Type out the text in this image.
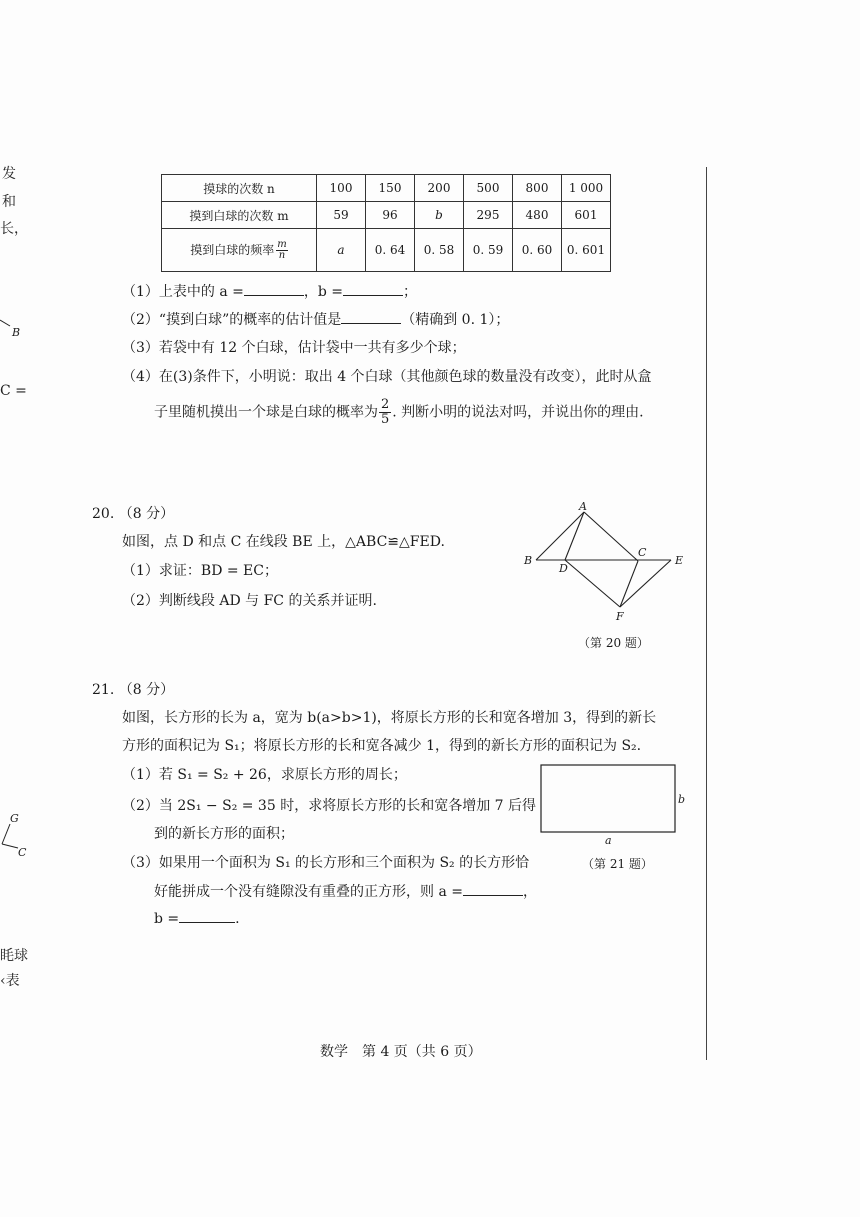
发
和
长，
B
C =
G
C
眊球
‹表
摸球的次数 n	100	150	200	500	800	1 000
摸到白球的次数 m	59	96	b	295	480	601
摸到白球的频率 $\frac{m}{n}$	a	0. 64	0. 58	0. 59	0. 60	0. 601
（1）上表中的 a =	，b =	；
（2）“摸到白球”的概率的估计值是	（精确到 0. 1）；
（3）若袋中有 12 个白球，估计袋中一共有多少个球；
（4）在(3)条件下，小明说：取出 4 个白球（其他颜色球的数量没有改变），此时从盒
子里随机摸出一个球是白球的概率为 $\frac{2}{5}$ . 判断小明的说法对吗，并说出你的理由.
20. （8 分）
如图，点 D 和点 C 在线段 BE 上，△ABC≌△FED.
（1）求证：BD = EC；
（2）判断线段 AD 与 FC 的关系并证明.
A
B
D
C
E
F
（第 20 题）
21. （8 分）
如图，长方形的长为 a，宽为 b(a>b>1)，将原长方形的长和宽各增加 3，得到的新长
方形的面积记为 S₁；将原长方形的长和宽各减少 1，得到的新长方形的面积记为 S₂.
（1）若 S₁ = S₂ + 26，求原长方形的周长；
（2）当 2S₁ − S₂ = 35 时，求将原长方形的长和宽各增加 7 后得
到的新长方形的面积；
（3）如果用一个面积为 S₁ 的长方形和三个面积为 S₂ 的长方形恰
好能拼成一个没有缝隙没有重叠的正方形，则 a =	，
b =	.
a
b
（第 21 题）
数学　第 4 页（共 6 页）
